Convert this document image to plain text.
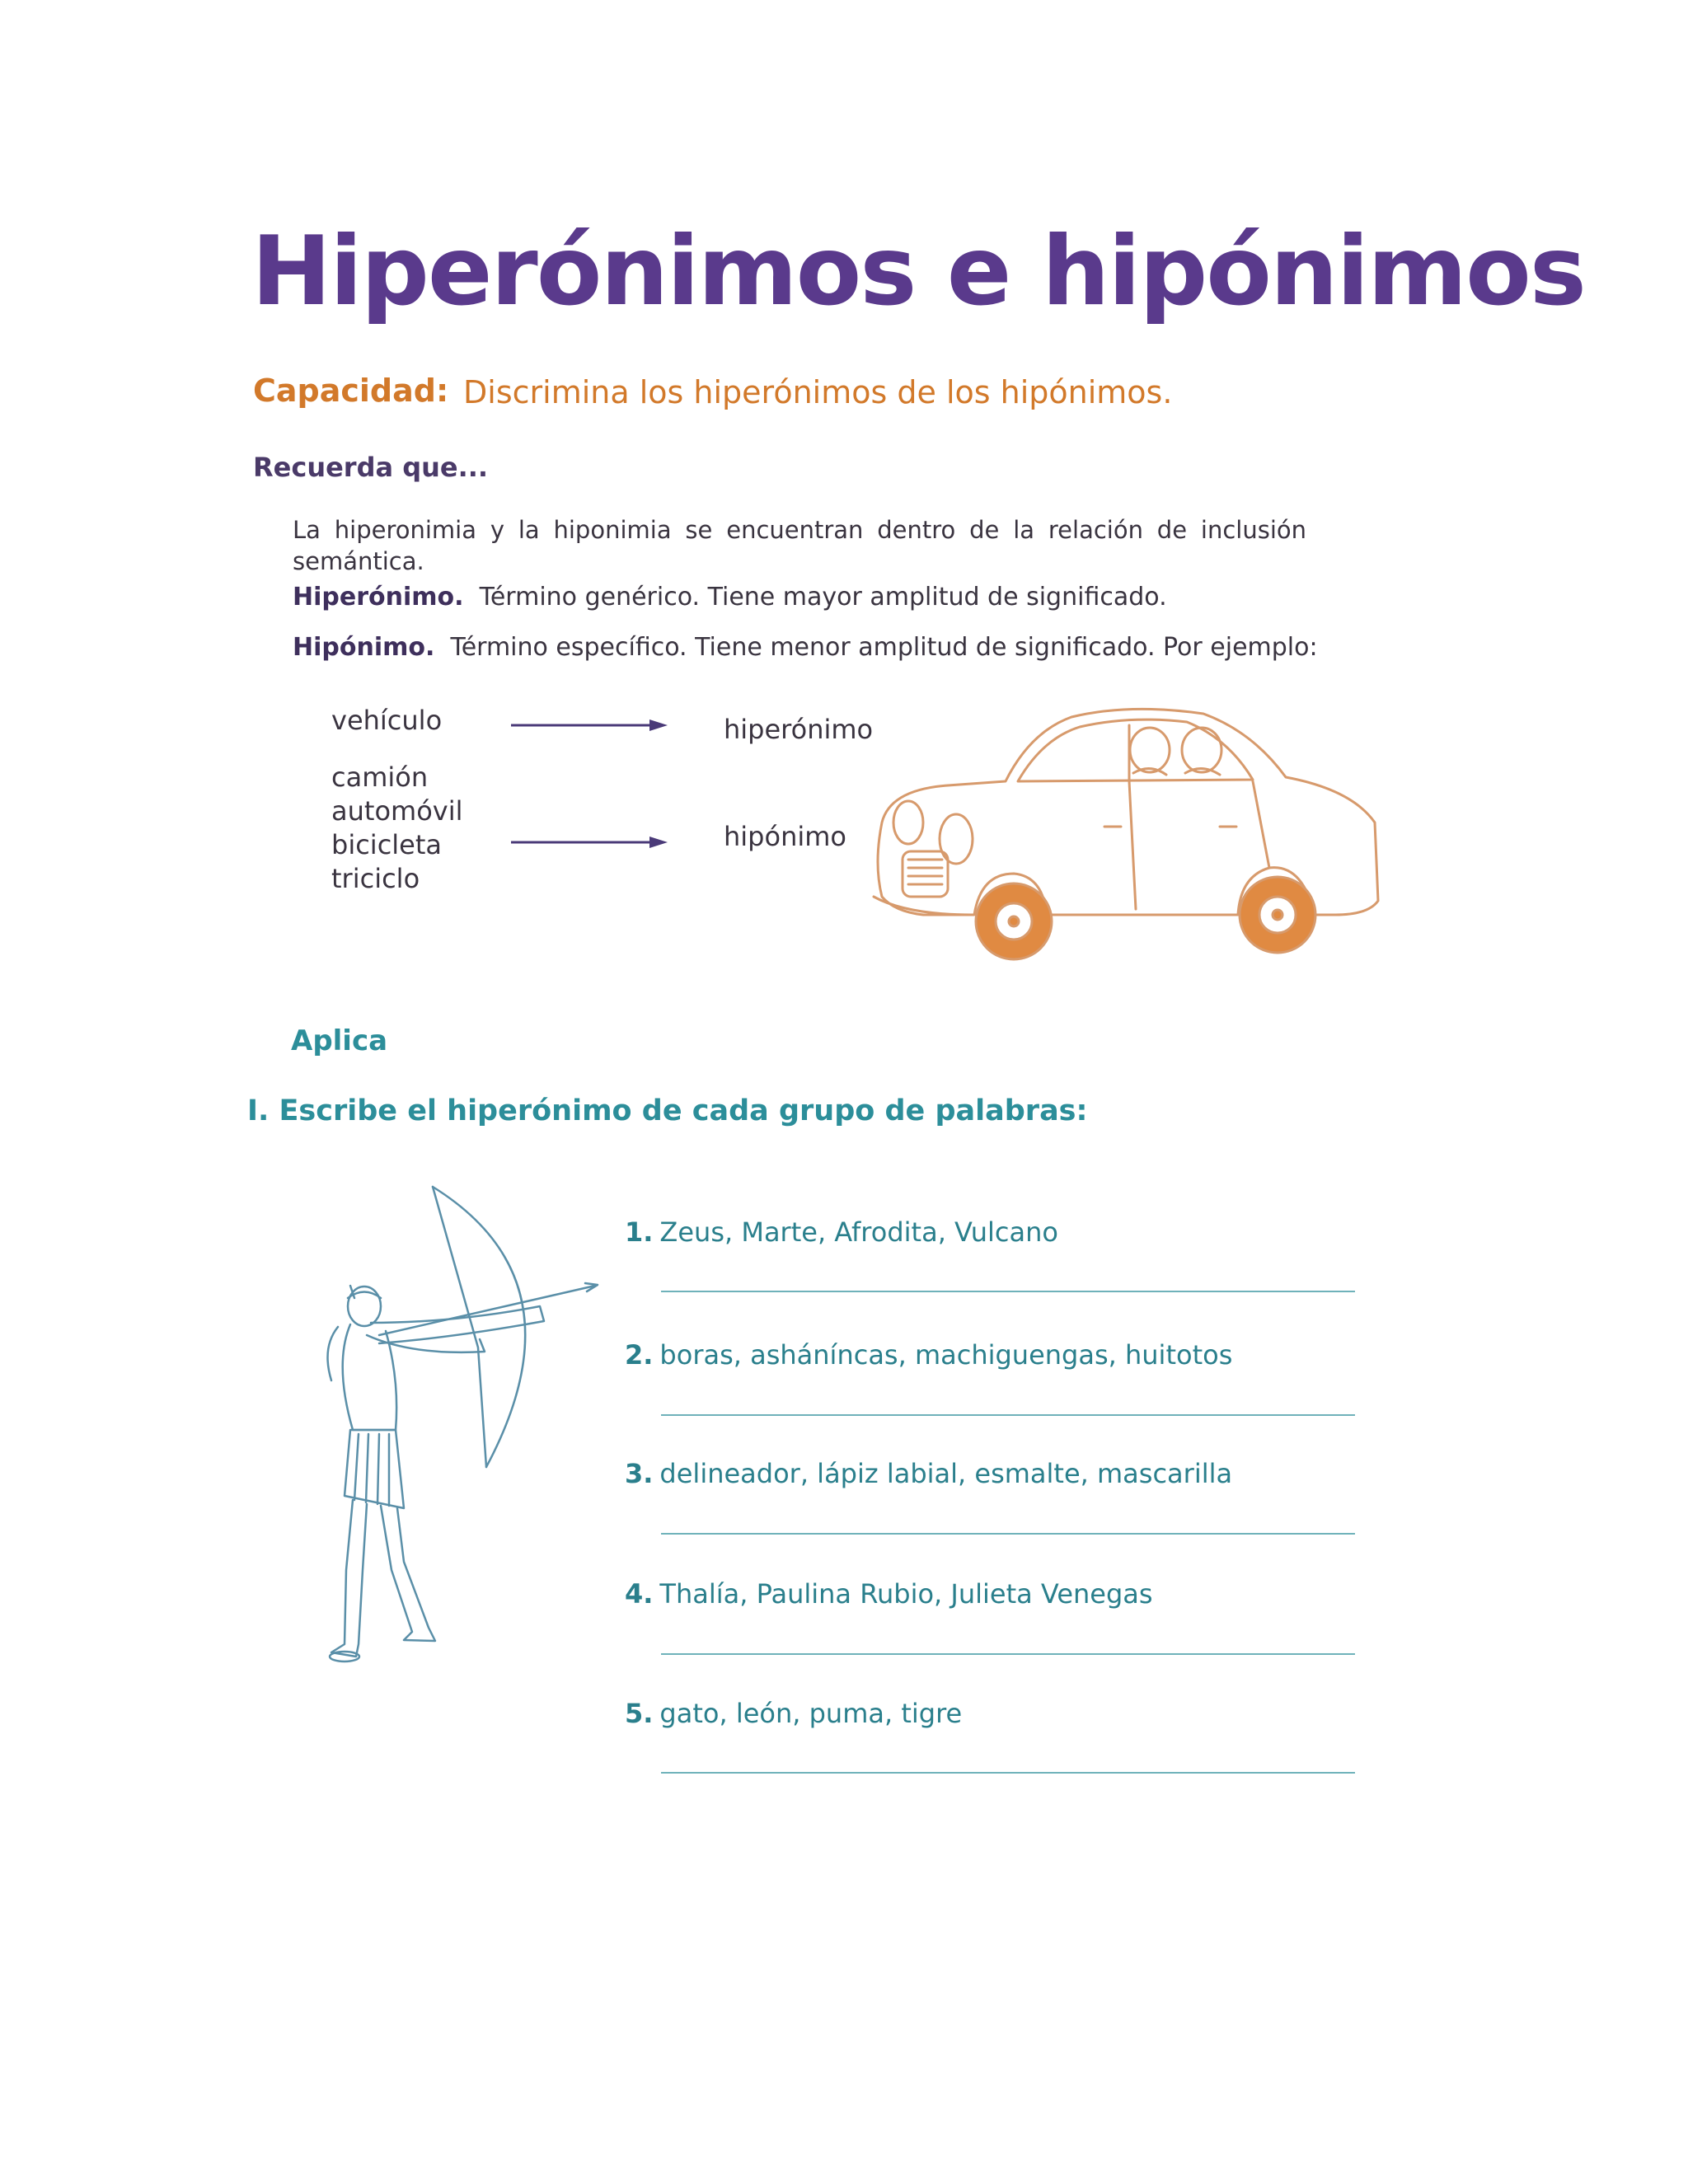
Hiperónimos e hipónimos
Capacidad: Discrimina los hiperónimos de los hipónimos.
Recuerda que...
La hiperonimia y la hiponimia se encuentran dentro de la relación de inclusión semántica.
Hiperónimo. Término genérico. Tiene mayor amplitud de significado.
Hipónimo. Término específico. Tiene menor amplitud de significado. Por ejemplo:
vehículo	hiperónimo
camión
automóvil
bicicleta
triciclo
hipónimo
Aplica
I. Escribe el hiperónimo de cada grupo de palabras:
1. Zeus, Marte, Afrodita, Vulcano
2. boras, asháníncas, machiguengas, huitotos
3. delineador, lápiz labial, esmalte, mascarilla
4. Thalía, Paulina Rubio, Julieta Venegas
5. gato, león, puma, tigre
